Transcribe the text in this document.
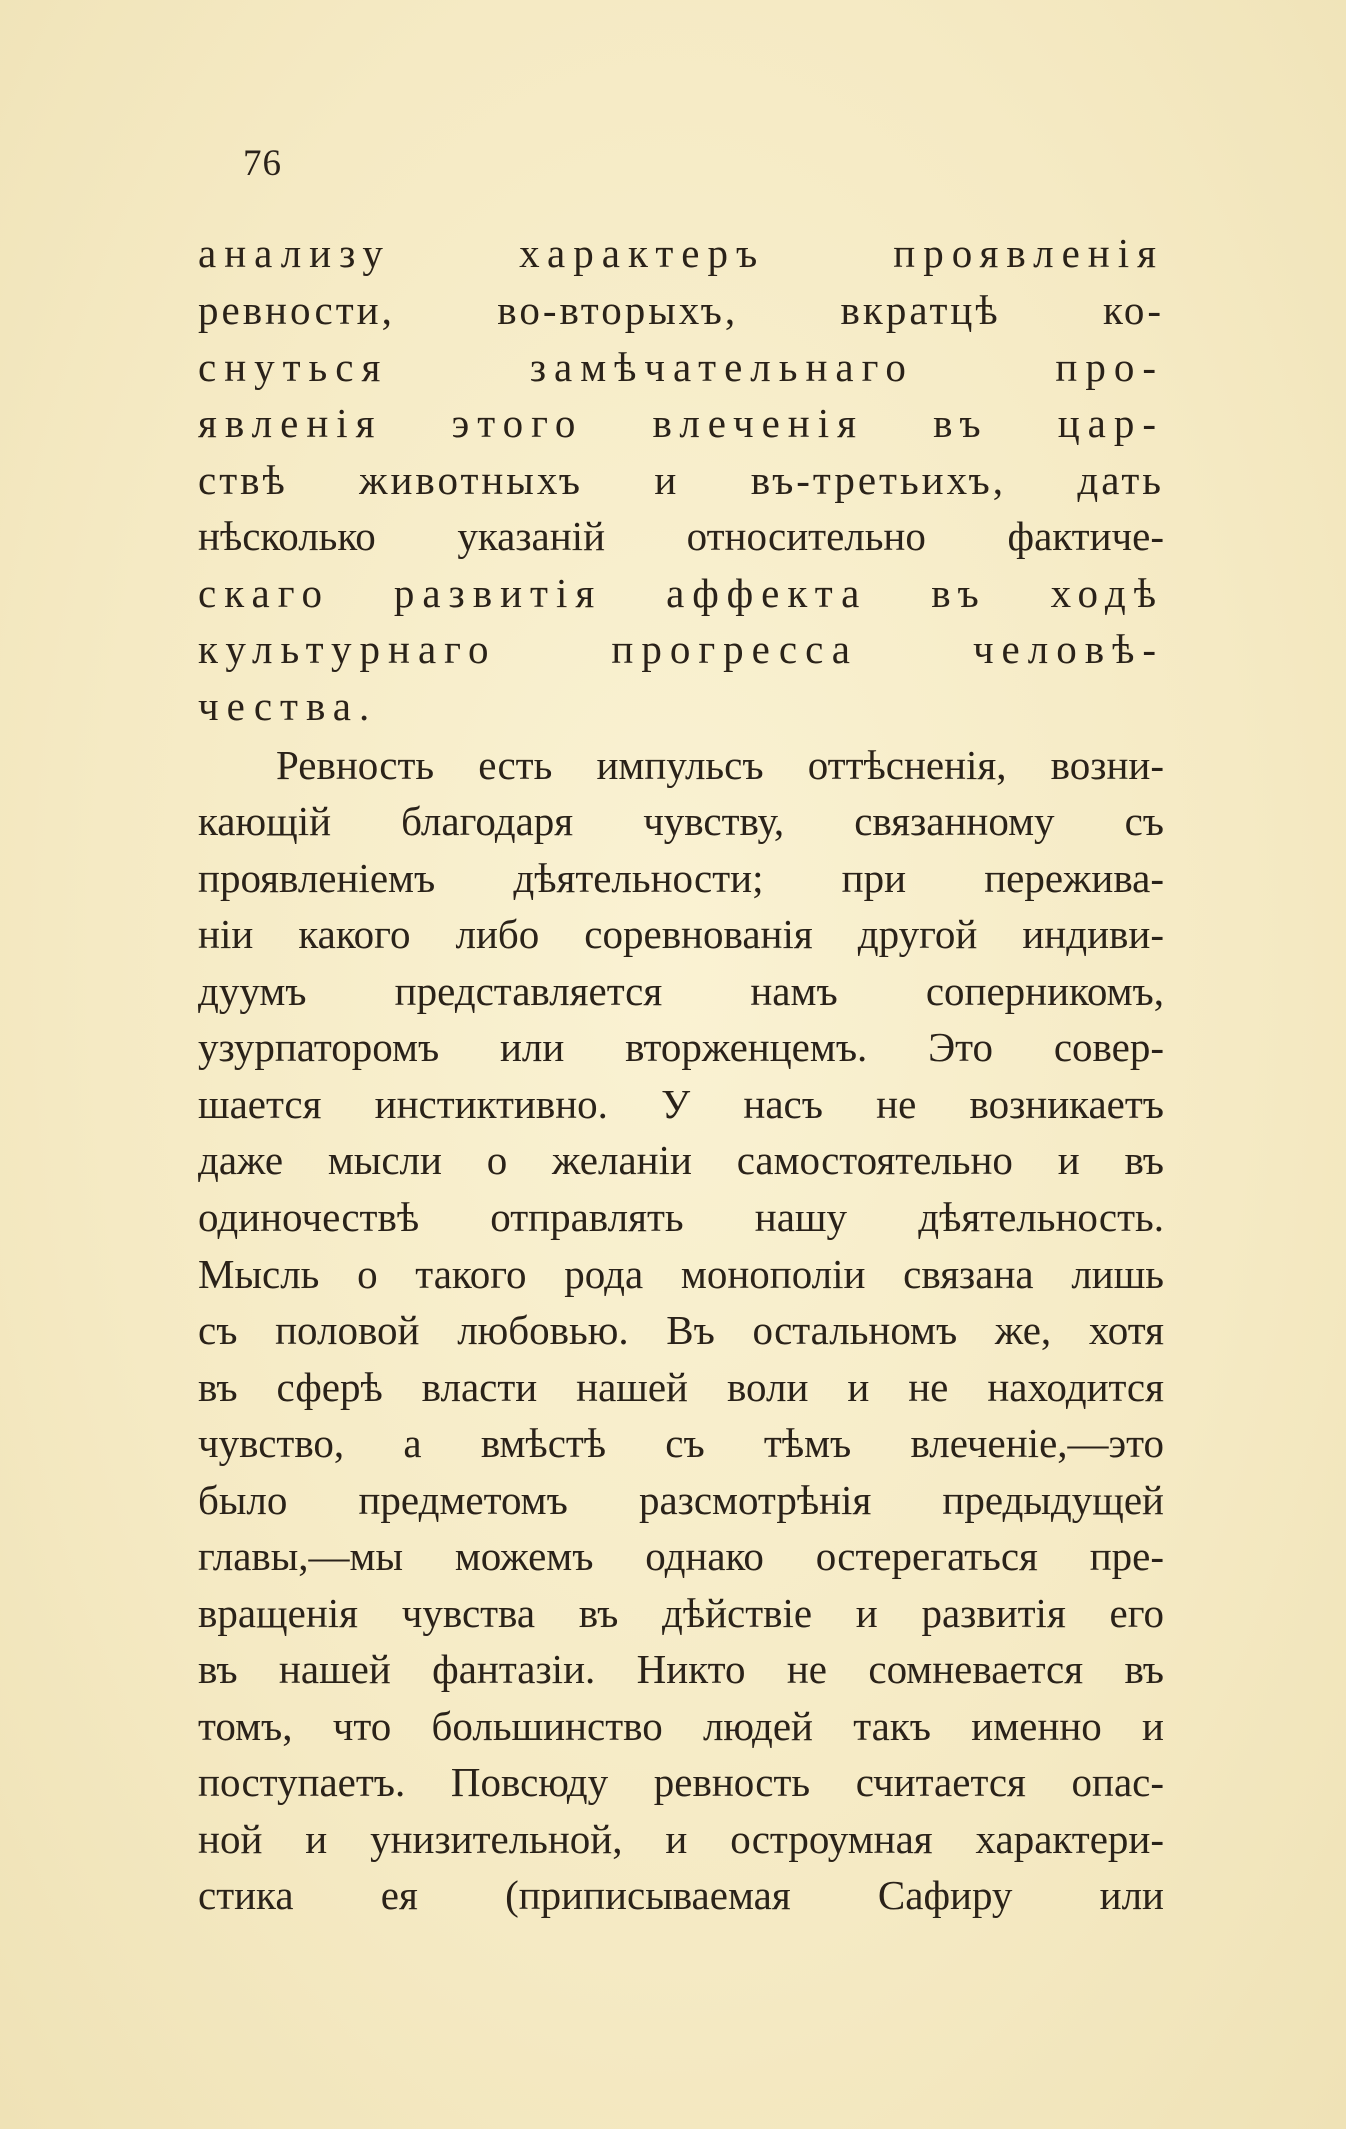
76
анализу характеръ проявленія
ревности, во-вторыхъ, вкратцѣ ко-
снуться замѣчательнаго про-
явленія этого влеченія въ цар-
ствѣ животныхъ и въ-третьихъ, дать
нѣсколько указаній относительно фактиче-
скаго развитія аффекта въ ходѣ
культурнаго прогресса человѣ-
чества.
Ревность есть импульсъ оттѣсненія, возни-
кающій благодаря чувству, связанному съ
проявленіемъ дѣятельности; при пережива-
ніи какого либо соревнованія другой индиви-
дуумъ представляется намъ соперникомъ,
узурпаторомъ или вторженцемъ. Это совер-
шается инстиктивно. У насъ не возникаетъ
даже мысли о желаніи самостоятельно и въ
одиночествѣ отправлять нашу дѣятельность.
Мысль о такого рода монополіи связана лишь
съ половой любовью. Въ остальномъ же, хотя
въ сферѣ власти нашей воли и не находится
чувство, а вмѣстѣ съ тѣмъ влеченіе,—это
было предметомъ разсмотрѣнія предыдущей
главы,—мы можемъ однако остерегаться пре-
вращенія чувства въ дѣйствіе и развитія его
въ нашей фантазіи. Никто не сомневается въ
томъ, что большинство людей такъ именно и
поступаетъ. Повсюду ревность считается опас-
ной и унизительной, и остроумная характери-
стика ея (приписываемая Сафиру или
